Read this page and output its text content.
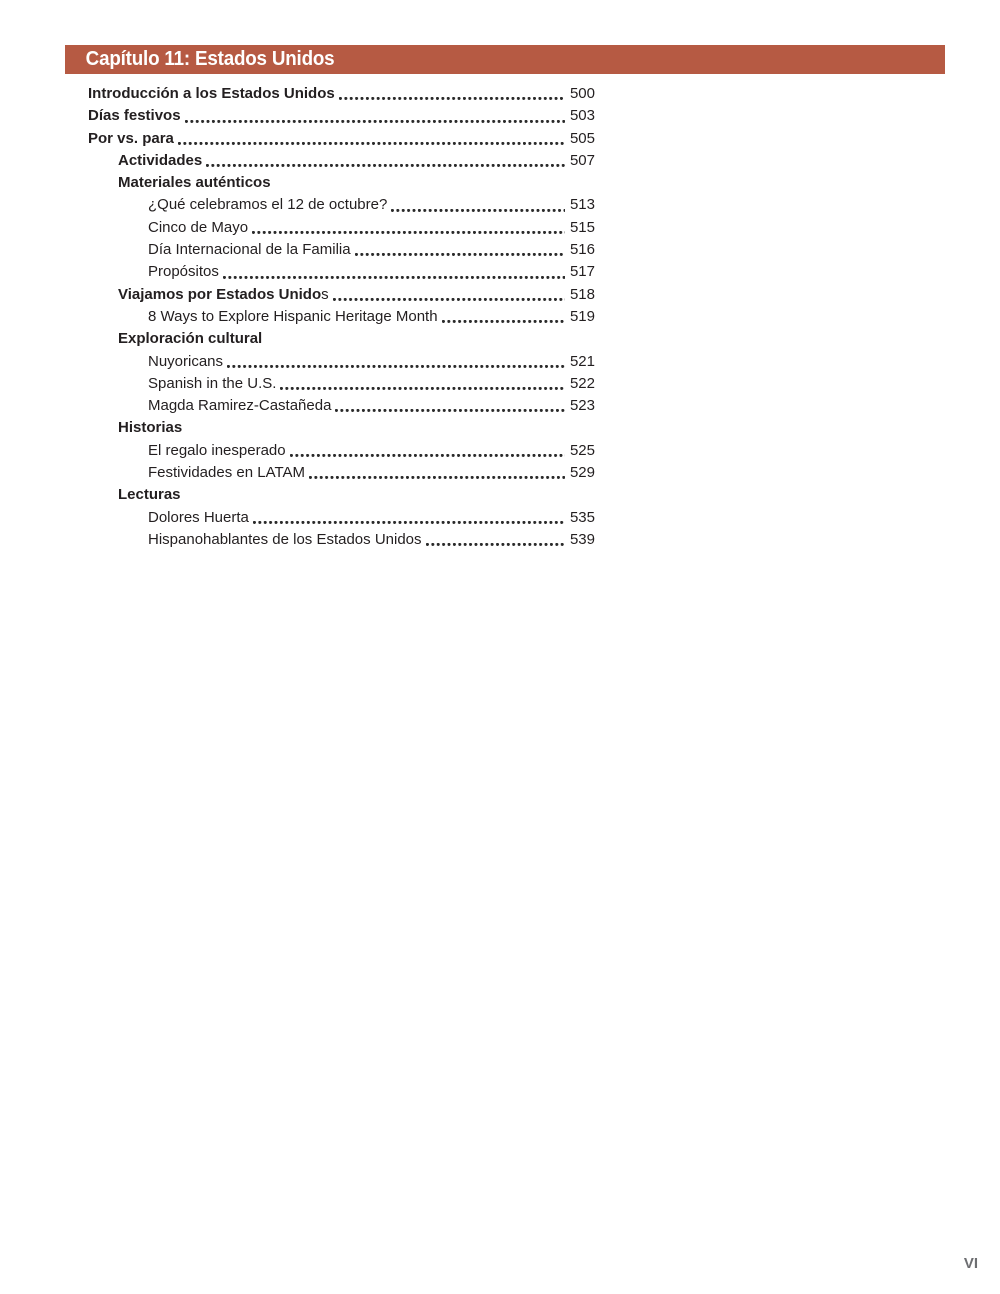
Capítulo 11: Estados Unidos
Introducción a los Estados Unidos	500
Días festivos	503
Por vs. para	505
Actividades	507
Materiales auténticos
¿Qué celebramos el 12 de octubre?	513
Cinco de Mayo	515
Día Internacional de la Familia	516
Propósitos	517
Viajamos por Estados Unidos	518
8 Ways to Explore Hispanic Heritage Month	519
Exploración cultural
Nuyoricans	521
Spanish in the U.S.	522
Magda Ramirez-Castañeda	523
Historias
El regalo inesperado	525
Festividades en LATAM	529
Lecturas
Dolores Huerta	535
Hispanohablantes de los Estados Unidos	539
VI
